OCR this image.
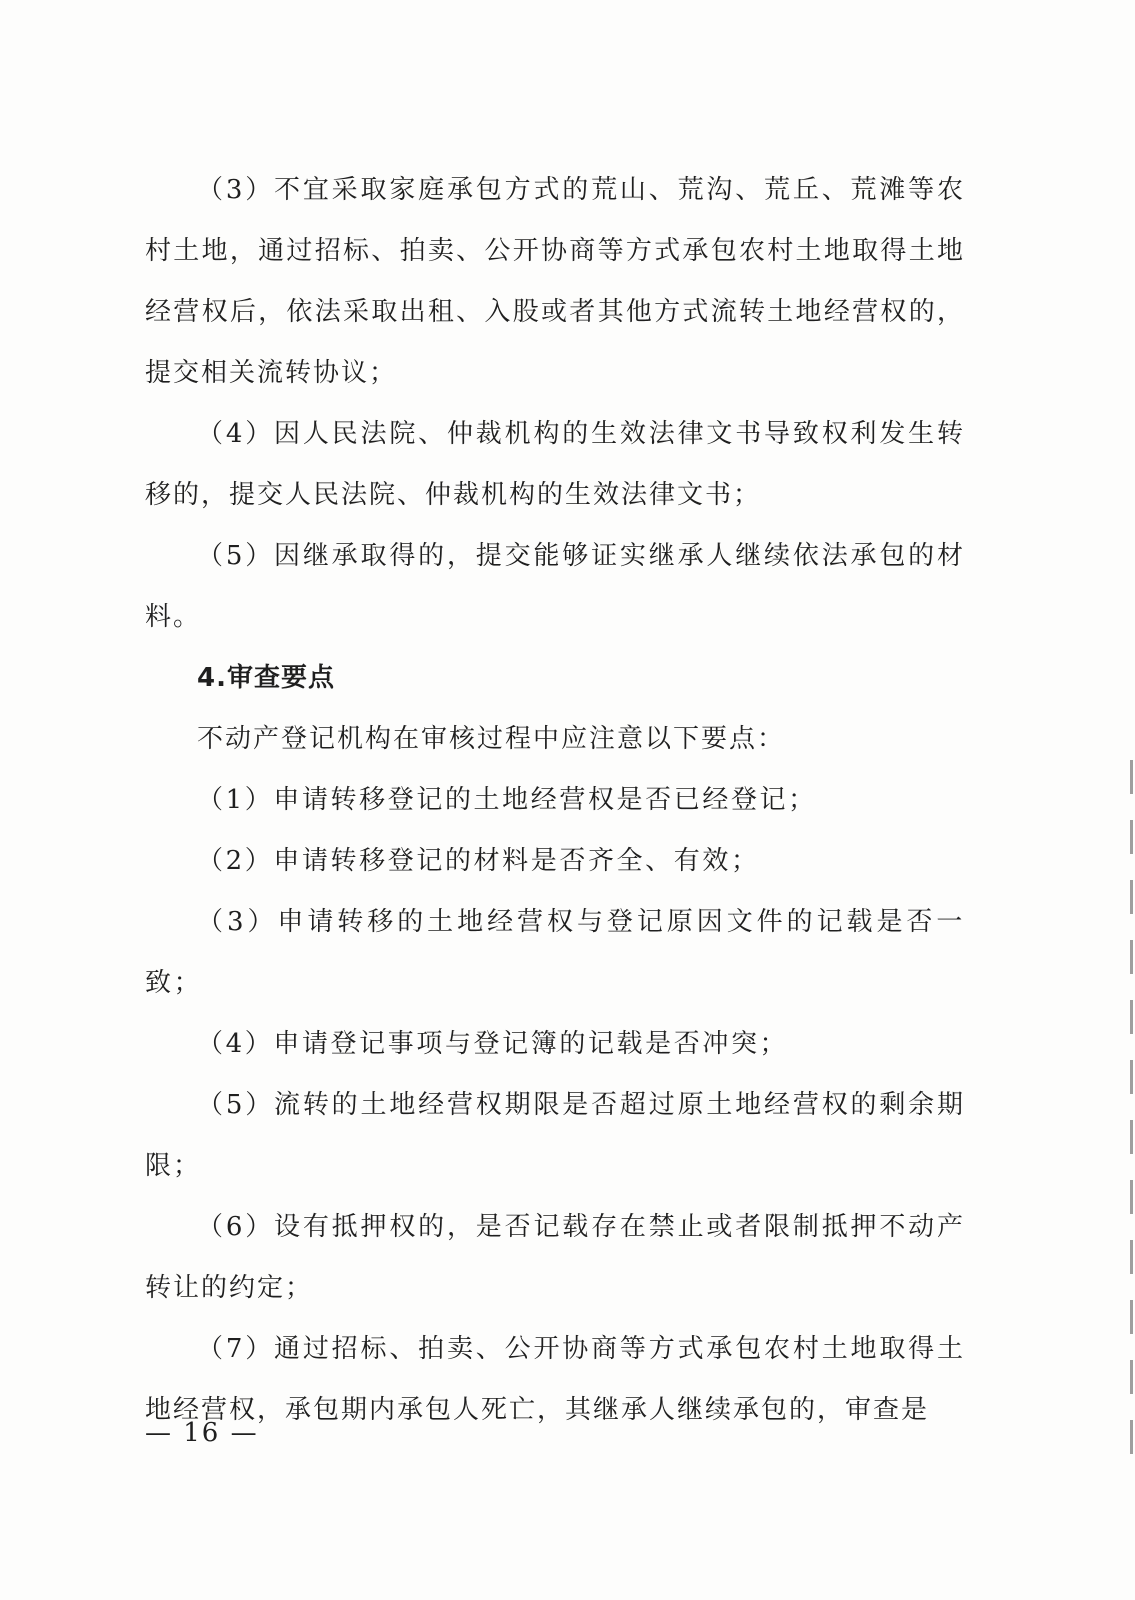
（3）不宜采取家庭承包方式的荒山、荒沟、荒丘、荒滩等农村土地，通过招标、拍卖、公开协商等方式承包农村土地取得土地经营权后，依法采取出租、入股或者其他方式流转土地经营权的，提交相关流转协议；

（4）因人民法院、仲裁机构的生效法律文书导致权利发生转移的，提交人民法院、仲裁机构的生效法律文书；

（5）因继承取得的，提交能够证实继承人继续依法承包的材料。

4.审查要点

不动产登记机构在审核过程中应注意以下要点：

（1）申请转移登记的土地经营权是否已经登记；

（2）申请转移登记的材料是否齐全、有效；

（3）申请转移的土地经营权与登记原因文件的记载是否一致；

（4）申请登记事项与登记簿的记载是否冲突；

（5）流转的土地经营权期限是否超过原土地经营权的剩余期限；

（6）设有抵押权的，是否记载存在禁止或者限制抵押不动产转让的约定；

（7）通过招标、拍卖、公开协商等方式承包农村土地取得土地经营权，承包期内承包人死亡，其继承人继续承包的，审查是

— 16 —
